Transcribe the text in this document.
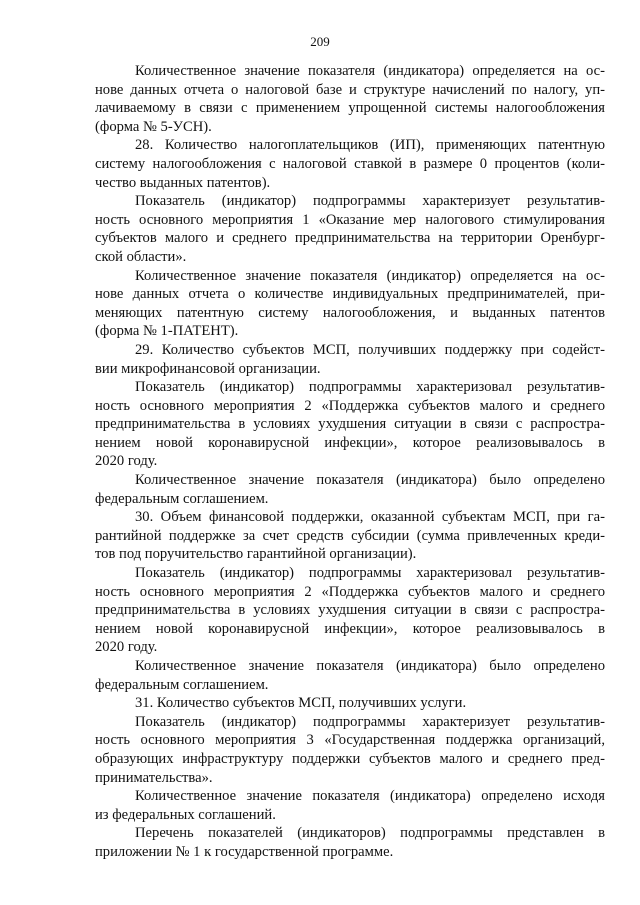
209
Количественное значение показателя (индикатора) определяется на ос-
нове данных отчета о налоговой базе и структуре начислений по налогу, уп-
лачиваемому в связи с применением упрощенной системы налогообложения
(форма № 5-УСН).
28. Количество налогоплательщиков (ИП), применяющих патентную
систему налогообложения с налоговой ставкой в размере 0 процентов (коли-
чество выданных патентов).
Показатель (индикатор) подпрограммы характеризует результатив-
ность основного мероприятия 1 «Оказание мер налогового стимулирования
субъектов малого и среднего предпринимательства на территории Оренбург-
ской области».
Количественное значение показателя (индикатор) определяется на ос-
нове данных отчета о количестве индивидуальных предпринимателей, при-
меняющих патентную систему налогообложения, и выданных патентов
(форма № 1-ПАТЕНТ).
29. Количество субъектов МСП, получивших поддержку при содейст-
вии микрофинансовой организации.
Показатель (индикатор) подпрограммы характеризовал результатив-
ность основного мероприятия 2 «Поддержка субъектов малого и среднего
предпринимательства в условиях ухудшения ситуации в связи с распростра-
нением новой коронавирусной инфекции», которое реализовывалось в
2020 году.
Количественное значение показателя (индикатора) было определено
федеральным соглашением.
30. Объем финансовой поддержки, оказанной субъектам МСП, при га-
рантийной поддержке за счет средств субсидии (сумма привлеченных креди-
тов под поручительство гарантийной организации).
Показатель (индикатор) подпрограммы характеризовал результатив-
ность основного мероприятия 2 «Поддержка субъектов малого и среднего
предпринимательства в условиях ухудшения ситуации в связи с распростра-
нением новой коронавирусной инфекции», которое реализовывалось в
2020 году.
Количественное значение показателя (индикатора) было определено
федеральным соглашением.
31. Количество субъектов МСП, получивших услуги.
Показатель (индикатор) подпрограммы характеризует результатив-
ность основного мероприятия 3 «Государственная поддержка организаций,
образующих инфраструктуру поддержки субъектов малого и среднего пред-
принимательства».
Количественное значение показателя (индикатора) определено исходя
из федеральных соглашений.
Перечень показателей (индикаторов) подпрограммы представлен в
приложении № 1 к государственной программе.
